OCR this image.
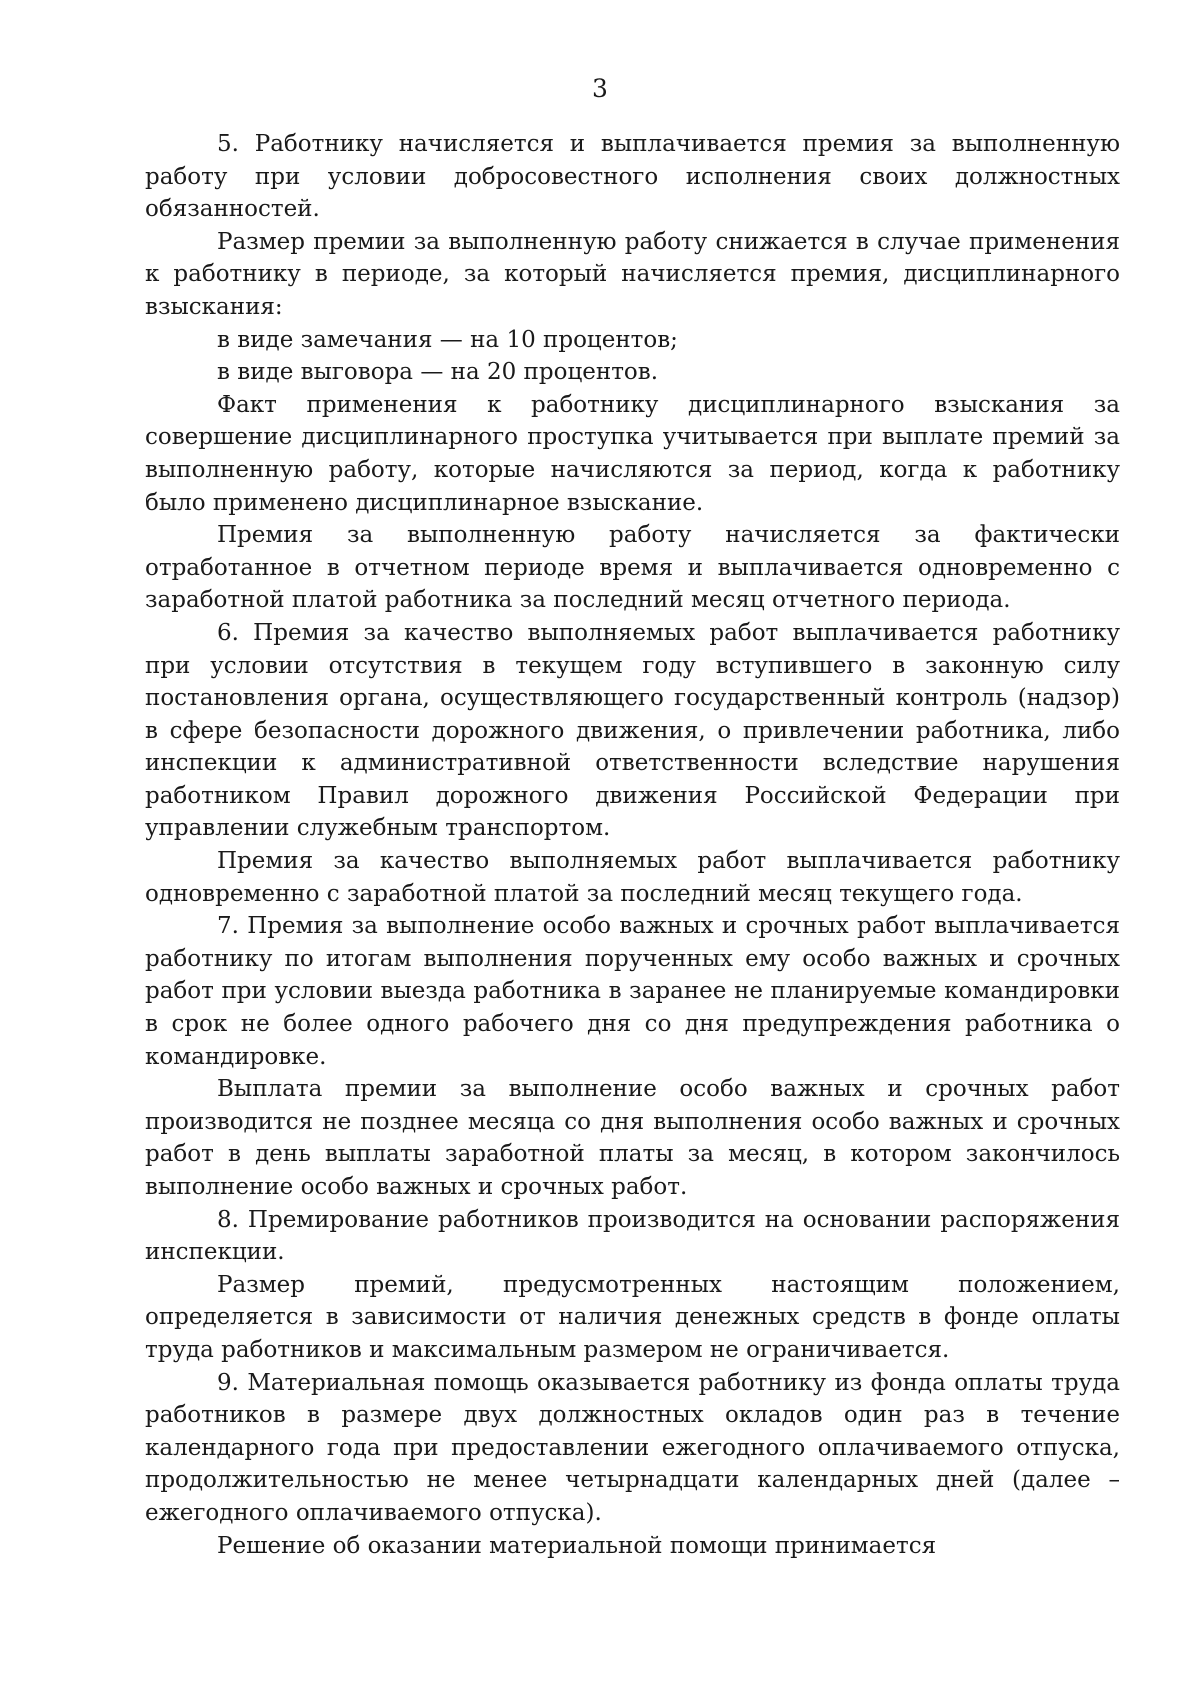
3

5. Работнику начисляется и выплачивается премия за выполненную работу при условии добросовестного исполнения своих должностных обязанностей.

Размер премии за выполненную работу снижается в случае применения к работнику в периоде, за который начисляется премия, дисциплинарного взыскания:

в виде замечания — на 10 процентов;

в виде выговора — на 20 процентов.

Факт применения к работнику дисциплинарного взыскания за совершение дисциплинарного проступка учитывается при выплате премий за выполненную работу, которые начисляются за период, когда к работнику было применено дисциплинарное взыскание.

Премия за выполненную работу начисляется за фактически отработанное в отчетном периоде время и выплачивается одновременно с заработной платой работника за последний месяц отчетного периода.

6. Премия за качество выполняемых работ выплачивается работнику при условии отсутствия в текущем году вступившего в законную силу постановления органа, осуществляющего государственный контроль (надзор) в сфере безопасности дорожного движения, о привлечении работника, либо инспекции к административной ответственности вследствие нарушения работником Правил дорожного движения Российской Федерации при управлении служебным транспортом.

Премия за качество выполняемых работ выплачивается работнику одновременно с заработной платой за последний месяц текущего года.

7. Премия за выполнение особо важных и срочных работ выплачивается работнику по итогам выполнения порученных ему особо важных и срочных работ при условии выезда работника в заранее не планируемые командировки в срок не более одного рабочего дня со дня предупреждения работника о командировке.

Выплата премии за выполнение особо важных и срочных работ производится не позднее месяца со дня выполнения особо важных и срочных работ в день выплаты заработной платы за месяц, в котором закончилось выполнение особо важных и срочных работ.

8. Премирование работников производится на основании распоряжения инспекции.

Размер премий, предусмотренных настоящим положением, определяется в зависимости от наличия денежных средств в фонде оплаты труда работников и максимальным размером не ограничивается.

9. Материальная помощь оказывается работнику из фонда оплаты труда работников в размере двух должностных окладов один раз в течение календарного года при предоставлении ежегодного оплачиваемого отпуска, продолжительностью не менее четырнадцати календарных дней (далее – ежегодного оплачиваемого отпуска).

Решение об оказании материальной помощи принимается
